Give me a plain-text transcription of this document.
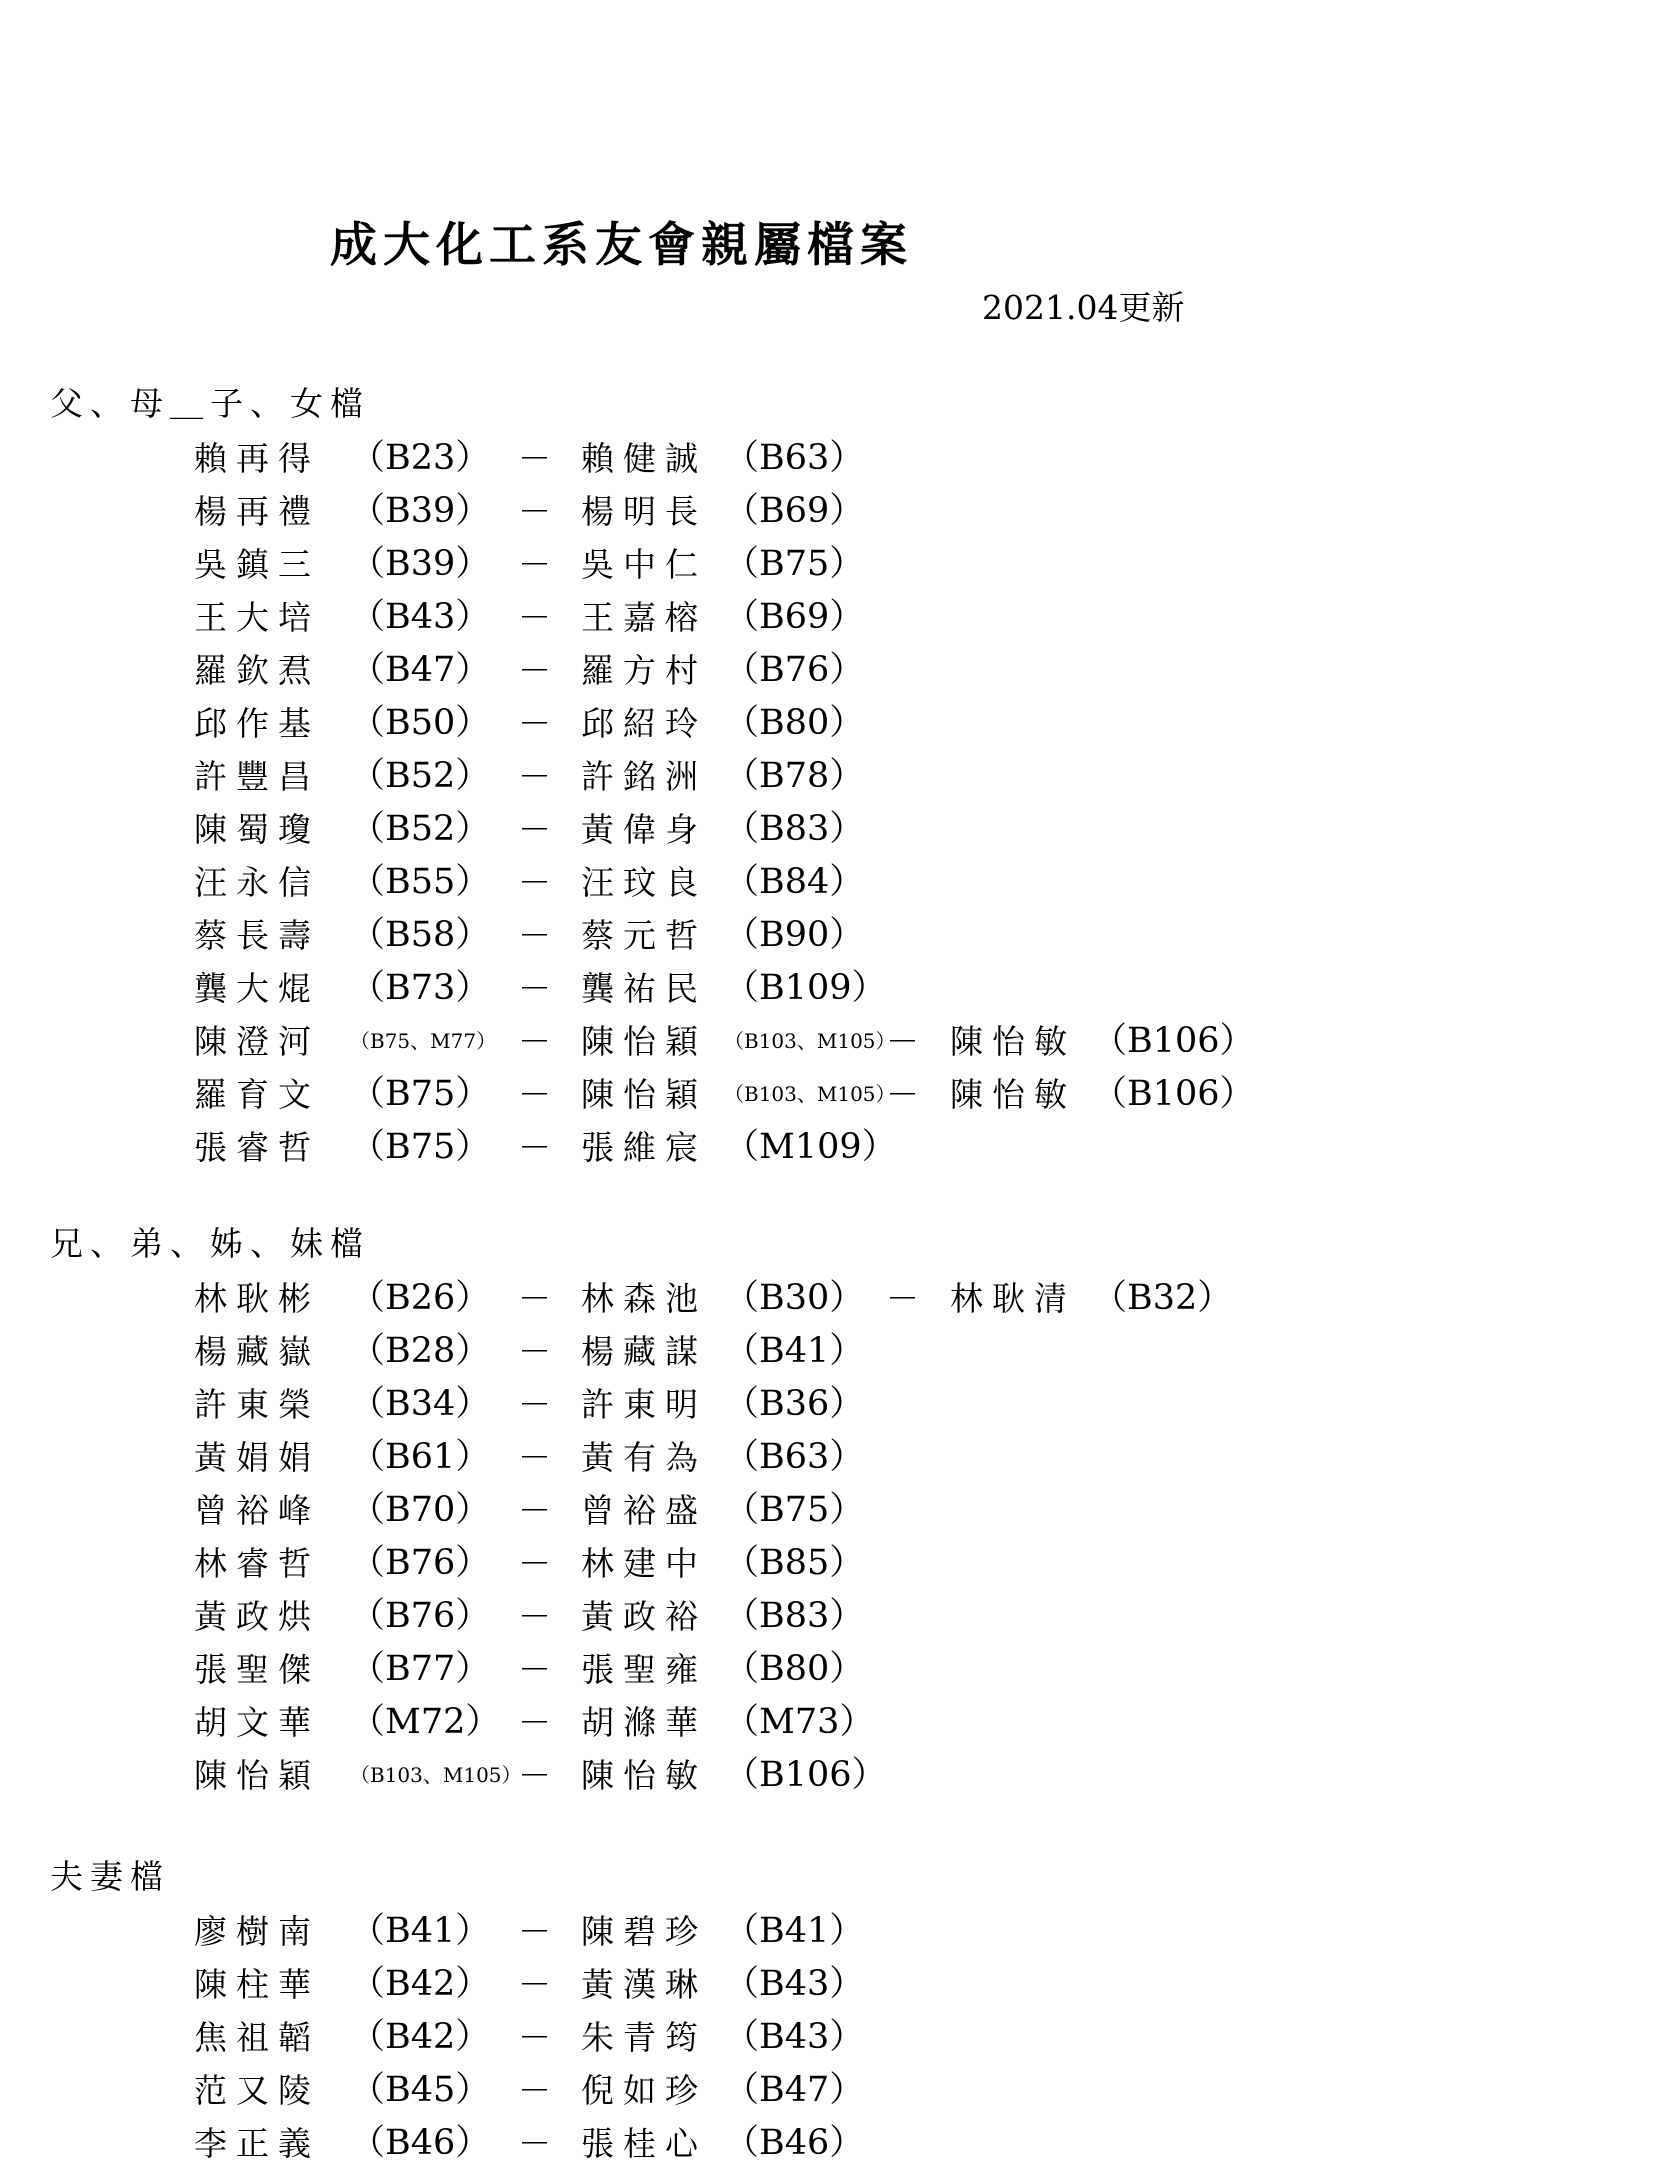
成大化工系友會親屬檔案
2021.04更新
父、母＿子、女檔
賴再得 （B23） － 賴健誠 （B63）
楊再禮 （B39） － 楊明長 （B69）
吳鎮三 （B39） － 吳中仁 （B75）
王大培 （B43） － 王嘉榕 （B69）
羅欽焄 （B47） － 羅方村 （B76）
邱作基 （B50） － 邱紹玲 （B80）
許豐昌 （B52） － 許銘洲 （B78）
陳蜀瓊 （B52） － 黃偉身 （B83）
汪永信 （B55） － 汪玟良 （B84）
蔡長壽 （B58） － 蔡元哲 （B90）
龔大焜 （B73） － 龔祐民 （B109）
陳澄河 （B75、M77） － 陳怡穎 （B103、M105）
－ 陳怡敏 （B106）
羅育文 （B75） － 陳怡穎 （B103、M105）
－ 陳怡敏 （B106）
張睿哲 （B75） － 張維宸 （M109）
兄、弟、姊、妹檔
林耿彬 （B26） － 林森池 （B30） － 林耿清 （B32）
楊藏嶽 （B28） － 楊藏謀 （B41）
許東榮 （B34） － 許東明 （B36）
黃娟娟 （B61） － 黃有為 （B63）
曾裕峰 （B70） － 曾裕盛 （B75）
林睿哲 （B76） － 林建中 （B85）
黃政烘 （B76） － 黃政裕 （B83）
張聖傑 （B77） － 張聖雍 （B80）
胡文華 （M72） － 胡滌華 （M73）
陳怡穎 （B103、M105）
－ 陳怡敏 （B106）
夫妻檔
廖樹南 （B41） － 陳碧珍 （B41）
陳柱華 （B42） － 黃漢琳 （B43）
焦祖韜 （B42） － 朱青筠 （B43）
范又陵 （B45） － 倪如珍 （B47）
李正義 （B46） － 張桂心 （B46）
